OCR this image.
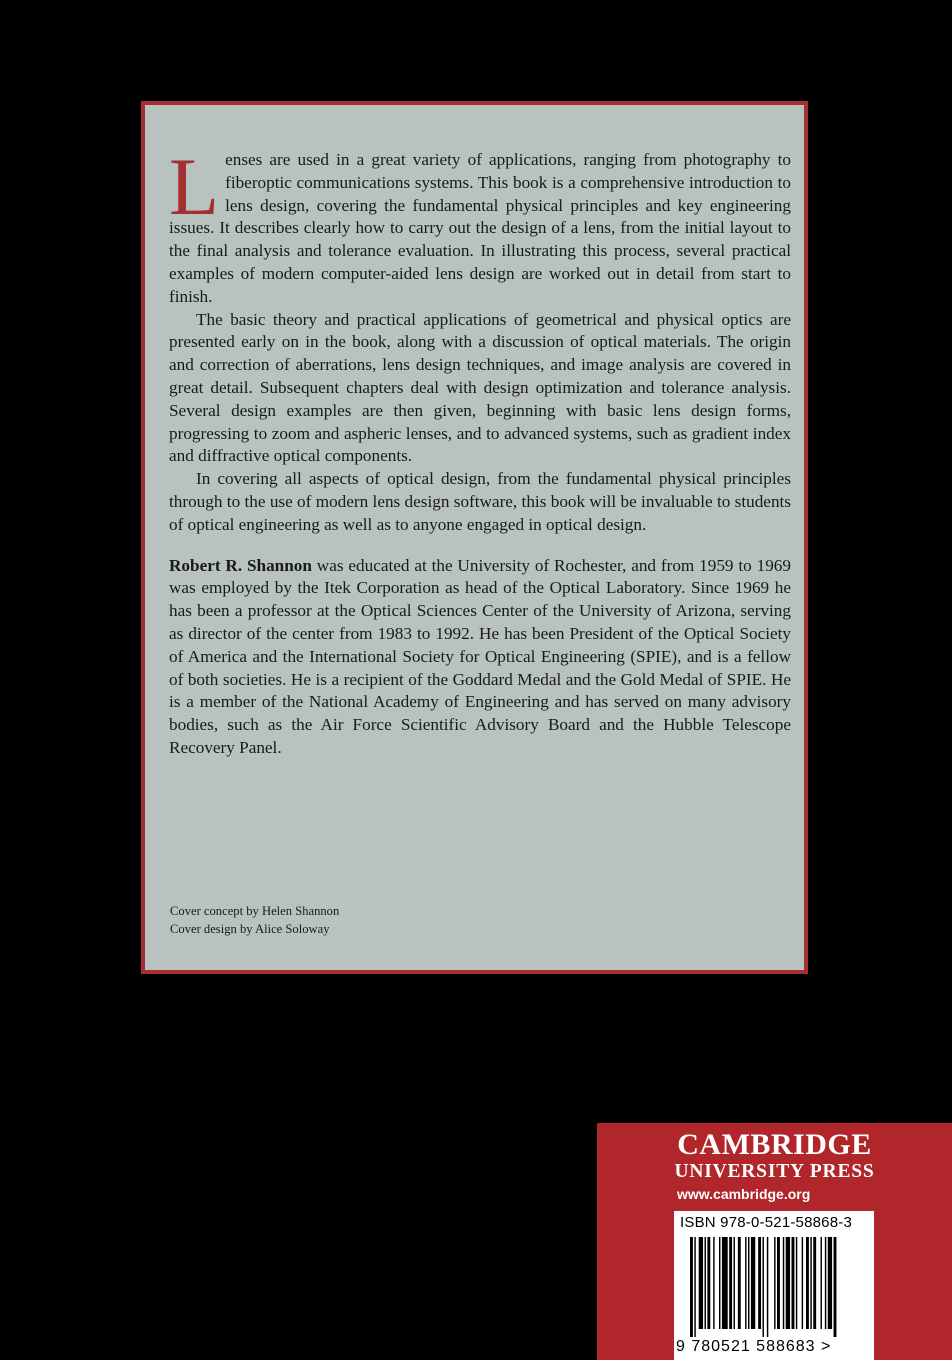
Lenses are used in a great variety of applications, ranging from photography to fiberoptic communications systems. This book is a comprehensive introduction to lens design, covering the fundamental physical principles and key engineering issues. It describes clearly how to carry out the design of a lens, from the initial layout to the final analysis and tolerance evaluation. In illustrating this process, several practical examples of modern computer-aided lens design are worked out in detail from start to finish.

The basic theory and practical applications of geometrical and physical optics are presented early on in the book, along with a discussion of optical materials. The origin and correction of aberrations, lens design techniques, and image analysis are covered in great detail. Subsequent chapters deal with design optimization and tolerance analysis. Several design examples are then given, beginning with basic lens design forms, progressing to zoom and aspheric lenses, and to advanced systems, such as gradient index and diffractive optical components.

In covering all aspects of optical design, from the fundamental physical principles through to the use of modern lens design software, this book will be invaluable to students of optical engineering as well as to anyone engaged in optical design.

Robert R. Shannon was educated at the University of Rochester, and from 1959 to 1969 was employed by the Itek Corporation as head of the Optical Laboratory. Since 1969 he has been a professor at the Optical Sciences Center of the University of Arizona, serving as director of the center from 1983 to 1992. He has been President of the Optical Society of America and the International Society for Optical Engineering (SPIE), and is a fellow of both societies. He is a recipient of the Goddard Medal and the Gold Medal of SPIE. He is a member of the National Academy of Engineering and has served on many advisory bodies, such as the Air Force Scientific Advisory Board and the Hubble Telescope Recovery Panel.

Cover concept by Helen Shannon
Cover design by Alice Soloway
CAMBRIDGE
UNIVERSITY PRESS
www.cambridge.org
ISBN 978-0-521-58868-3
9 780521 588683 >
